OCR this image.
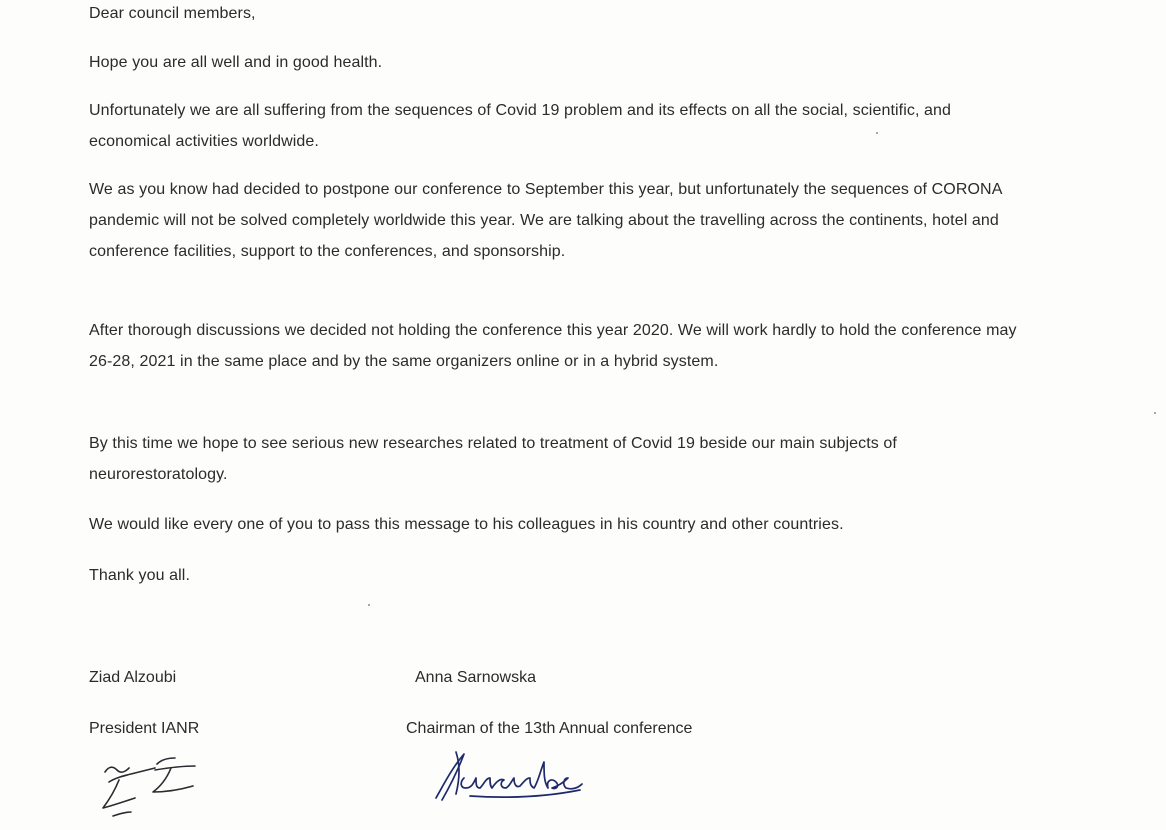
Dear council members,

Hope you are all well and in good health.

Unfortunately we are all suffering from the sequences of Covid 19 problem and its effects on all the social, scientific, and economical activities worldwide.

We as you know had decided to postpone our conference to September this year, but unfortunately the sequences of CORONA pandemic will not be solved completely worldwide this year. We are talking about the travelling across the continents, hotel and conference facilities, support to the conferences, and sponsorship.

After thorough discussions we decided not holding the conference this year 2020. We will work hardly to hold the conference may 26-28, 2021 in the same place and by the same organizers online or in a hybrid system.

By this time we hope to see serious new researches related to treatment of Covid 19 beside our main subjects of neurorestoratology.

We would like every one of you to pass this message to his colleagues in his country and other countries.

Thank you all.

Ziad Alzoubi

President IANR

Anna Sarnowska

Chairman of the 13th Annual conference
